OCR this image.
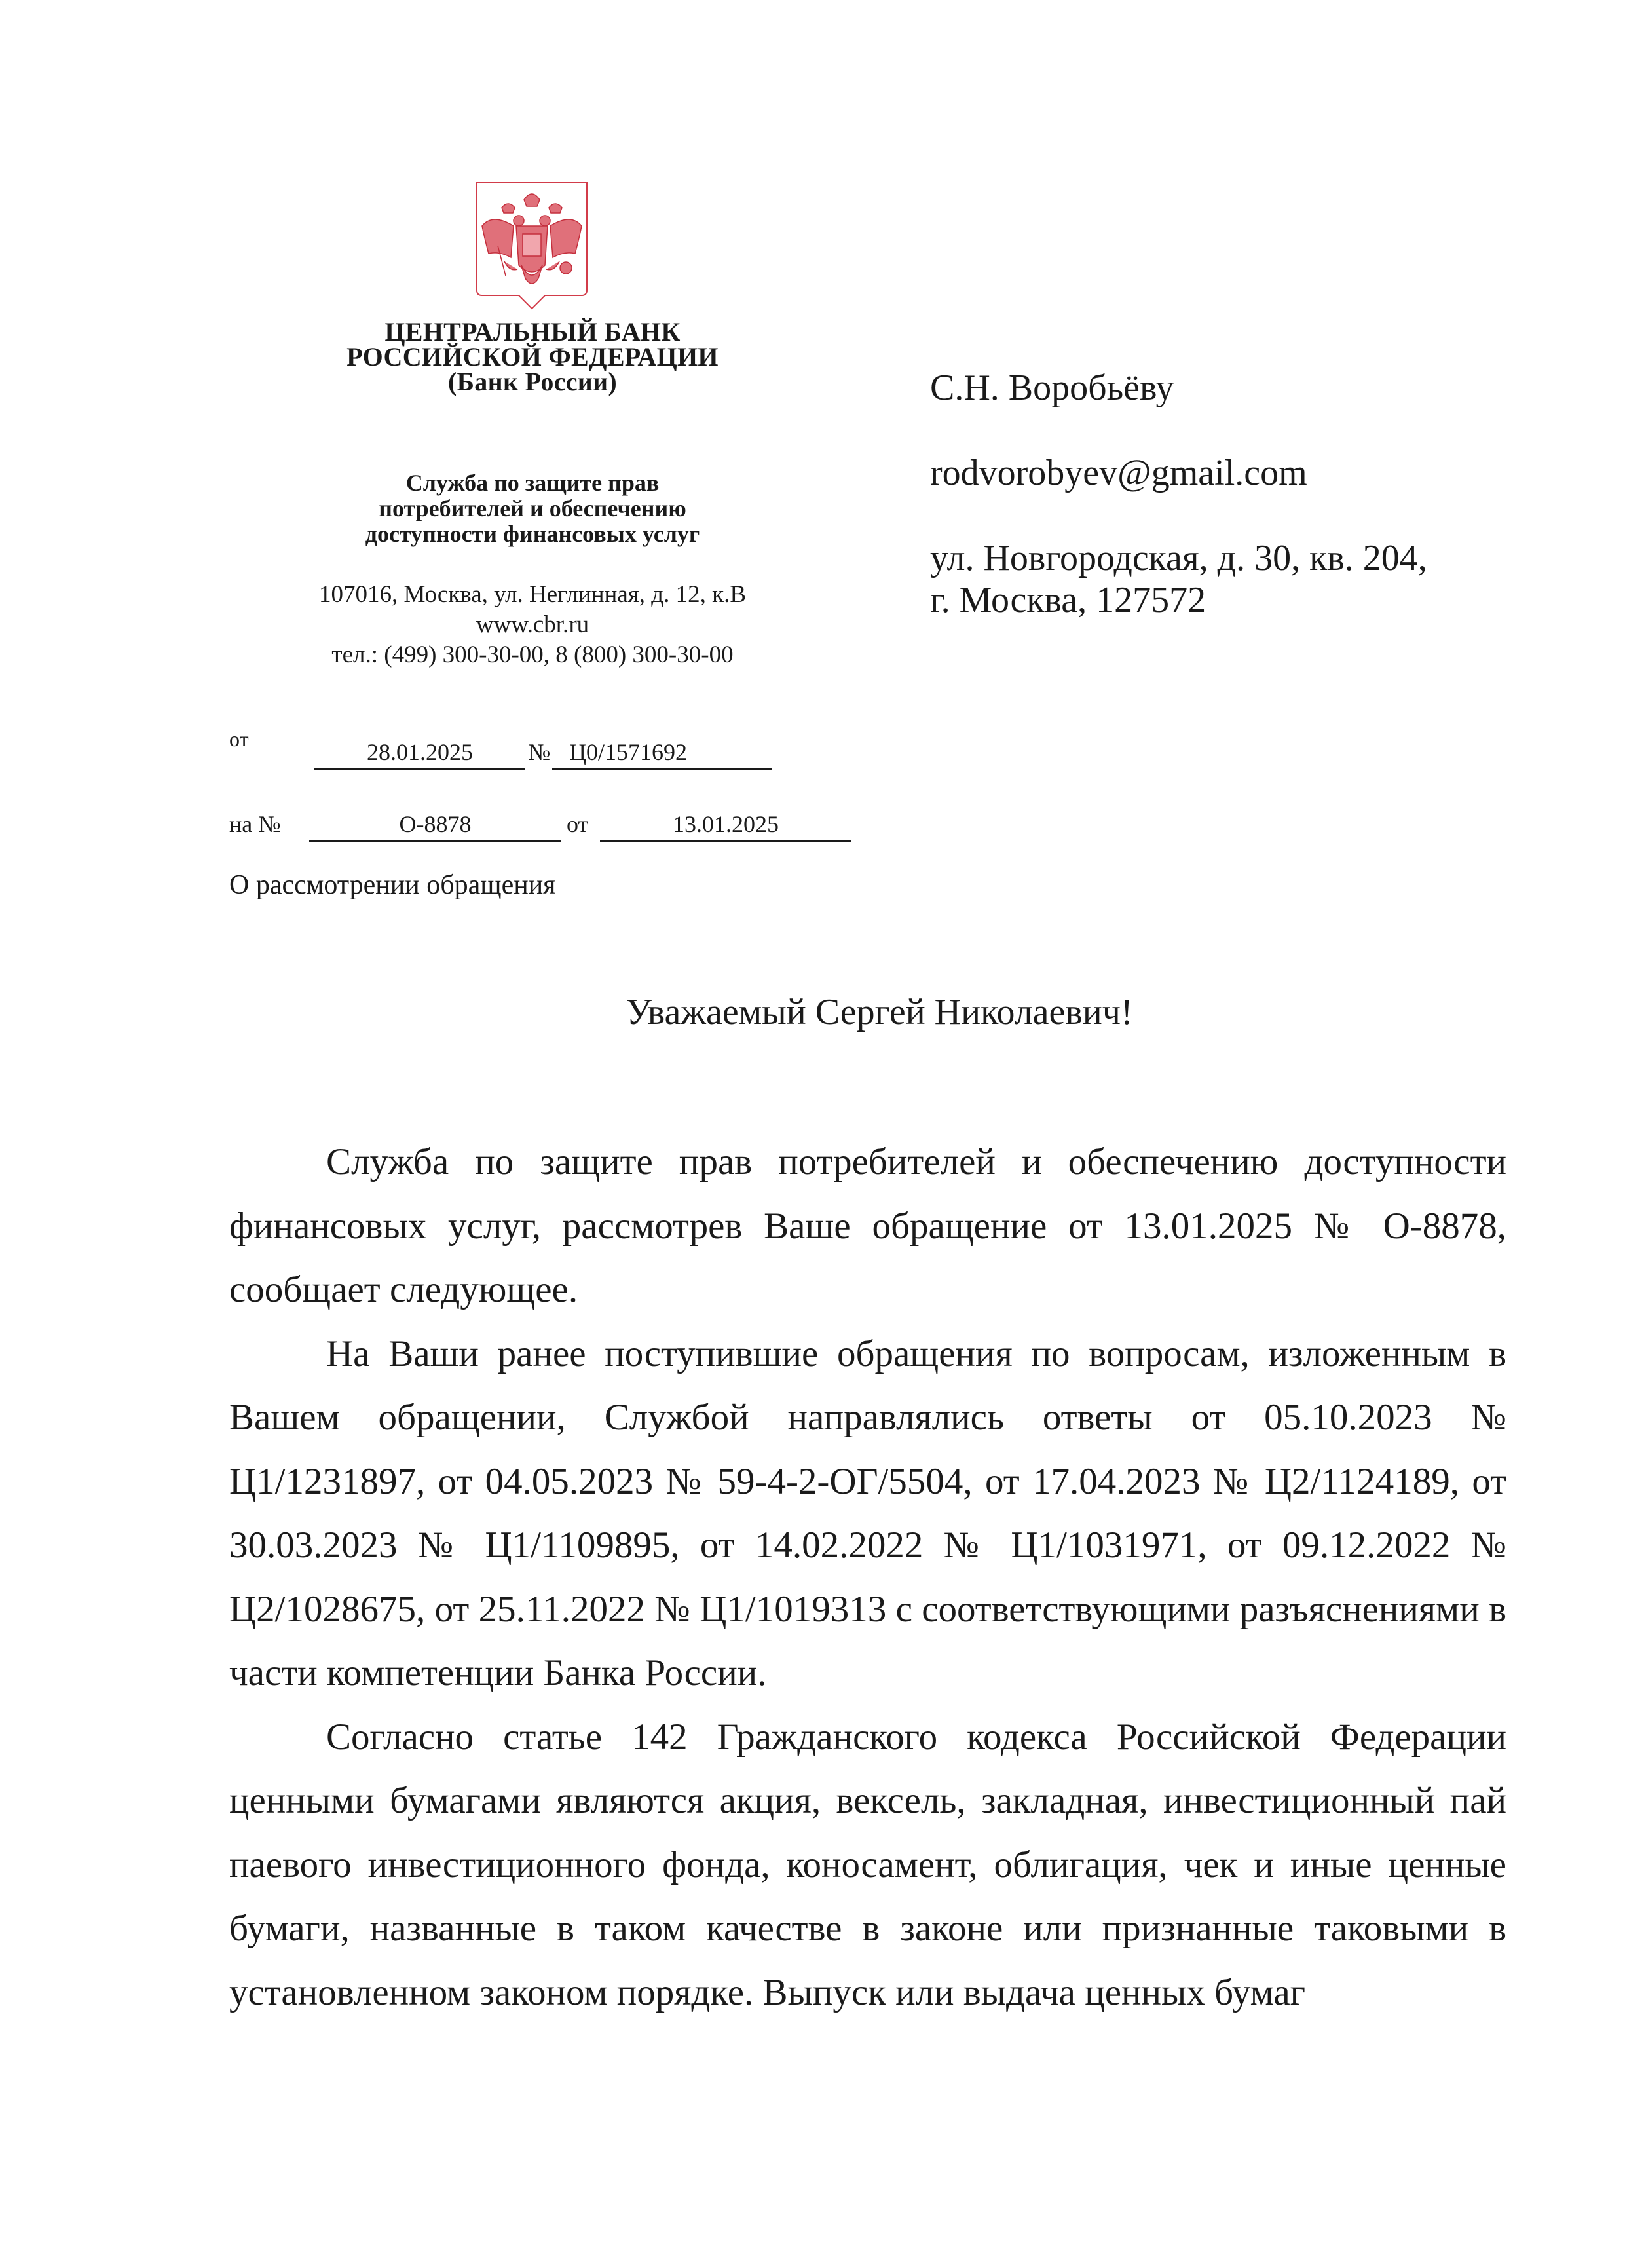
ЦЕНТРАЛЬНЫЙ БАНК
РОССИЙСКОЙ ФЕДЕРАЦИИ
(Банк России)
Служба по защите прав
потребителей и обеспечению
доступности финансовых услуг
107016, Москва, ул. Неглинная, д. 12, к.В
www.cbr.ru
тел.: (499) 300-30-00, 8 (800) 300-30-00
от	28.01.2025	№ Ц0/1571692
на №	О-8878	от	13.01.2025
О рассмотрении обращения
С.Н. Воробьёву
rodvorobyev@gmail.com
ул. Новгородская, д. 30, кв. 204,
г. Москва, 127572
Уважаемый Сергей Николаевич!

Служба по защите прав потребителей и обеспечению доступности финансовых услуг, рассмотрев Ваше обращение от 13.01.2025 № О-8878, сообщает следующее.

На Ваши ранее поступившие обращения по вопросам, изложенным в Вашем обращении, Службой направлялись ответы от 05.10.2023 № Ц1/1231897, от 04.05.2023 № 59-4-2-ОГ/5504, от 17.04.2023 № Ц2/1124189, от 30.03.2023 № Ц1/1109895, от 14.02.2022 № Ц1/1031971, от 09.12.2022 № Ц2/1028675, от 25.11.2022 № Ц1/1019313 с соответствующими разъяснениями в части компетенции Банка России.

Согласно статье 142 Гражданского кодекса Российской Федерации ценными бумагами являются акция, вексель, закладная, инвестиционный пай паевого инвестиционного фонда, коносамент, облигация, чек и иные ценные бумаги, названные в таком качестве в законе или признанные таковыми в установленном законом порядке. Выпуск или выдача ценных бумаг
